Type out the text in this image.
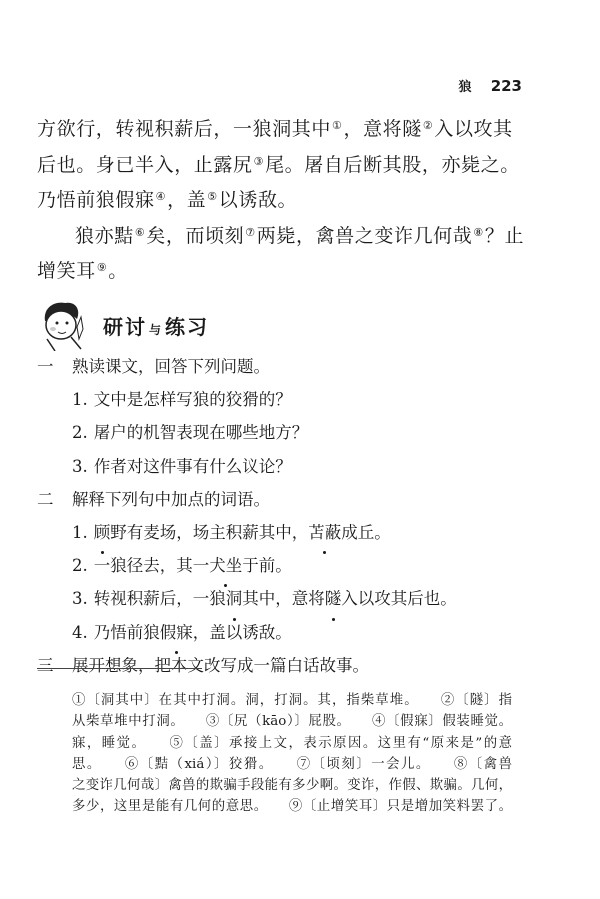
狼 223

方欲行，转视积薪后，一狼洞其中①，意将隧②入以攻其后也。身已半入，止露尻③尾。屠自后断其股，亦毙之。乃悟前狼假寐④，盖⑤以诱敌。

狼亦黠⑥矣，而顷刻⑦两毙，禽兽之变诈几何哉⑧？止增笑耳⑨。

研讨 与 练习
一	熟读课文，回答下列问题。
1. 文中是怎样写狼的狡猾的？
2. 屠户的机智表现在哪些地方？
3. 作者对这件事有什么议论？
二	解释下列句中加点的词语。
1. 顾 野有麦场，场主积薪其中， 苫蔽 成丘。
2. 一狼径去，其一 犬坐 于前。
3. 转视积薪后，一狼 洞 其中，意将 隧 入以攻其后也。
4. 乃悟前狼 假寐 ，盖以诱敌。
三	展开想象，把本文改写成一篇白话故事。
①〔洞其中〕在其中打洞。洞，打洞。其，指柴草堆。　　②〔隧〕指
从柴草堆中打洞。　　③〔尻（kāo）〕屁股。　　④〔假寐〕假装睡觉。
寐，睡觉。　　⑤〔盖〕承接上文，表示原因。这里有“原来是”的意
思。　　⑥〔黠（xiá）〕狡猾。　　⑦〔顷刻〕一会儿。　　⑧〔禽兽
之变诈几何哉〕禽兽的欺骗手段能有多少啊。变诈，作假、欺骗。几何，
多少，这里是能有几何的意思。　　⑨〔止增笑耳〕只是增加笑料罢了。
